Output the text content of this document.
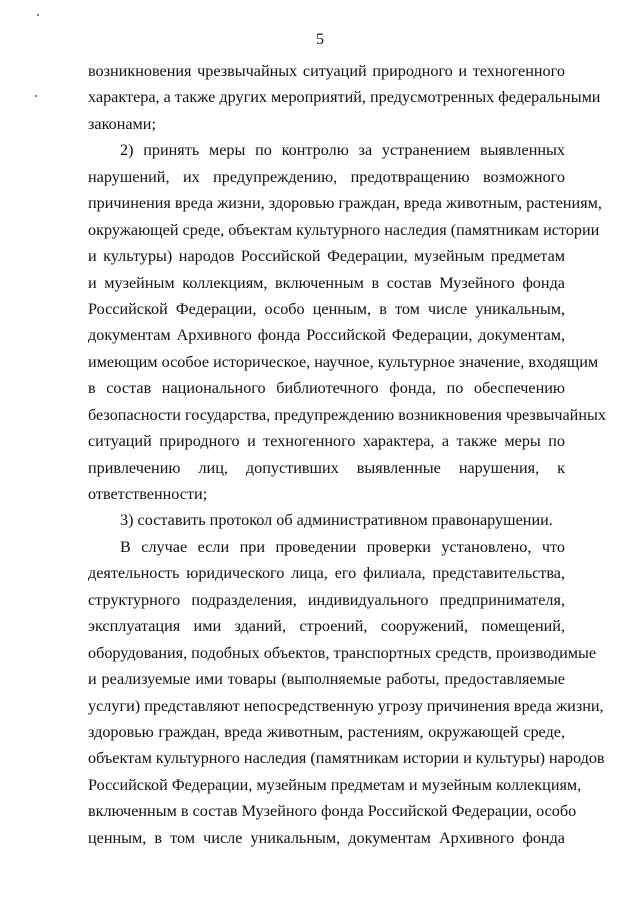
5
возникновения чрезвычайных ситуаций природного и техногенного
характера, а также других мероприятий, предусмотренных федеральными
законами;
2) принять меры по контролю за устранением выявленных
нарушений, их предупреждению, предотвращению возможного
причинения вреда жизни, здоровью граждан, вреда животным, растениям,
окружающей среде, объектам культурного наследия (памятникам истории
и культуры) народов Российской Федерации, музейным предметам
и музейным коллекциям, включенным в состав Музейного фонда
Российской Федерации, особо ценным, в том числе уникальным,
документам Архивного фонда Российской Федерации, документам,
имеющим особое историческое, научное, культурное значение, входящим
в состав национального библиотечного фонда, по обеспечению
безопасности государства, предупреждению возникновения чрезвычайных
ситуаций природного и техногенного характера, а также меры по
привлечению лиц, допустивших выявленные нарушения, к
ответственности;
3) составить протокол об административном правонарушении.
В случае если при проведении проверки установлено, что
деятельность юридического лица, его филиала, представительства,
структурного подразделения, индивидуального предпринимателя,
эксплуатация ими зданий, строений, сооружений, помещений,
оборудования, подобных объектов, транспортных средств, производимые
и реализуемые ими товары (выполняемые работы, предоставляемые
услуги) представляют непосредственную угрозу причинения вреда жизни,
здоровью граждан, вреда животным, растениям, окружающей среде,
объектам культурного наследия (памятникам истории и культуры) народов
Российской Федерации, музейным предметам и музейным коллекциям,
включенным в состав Музейного фонда Российской Федерации, особо
ценным, в том числе уникальным, документам Архивного фонда
